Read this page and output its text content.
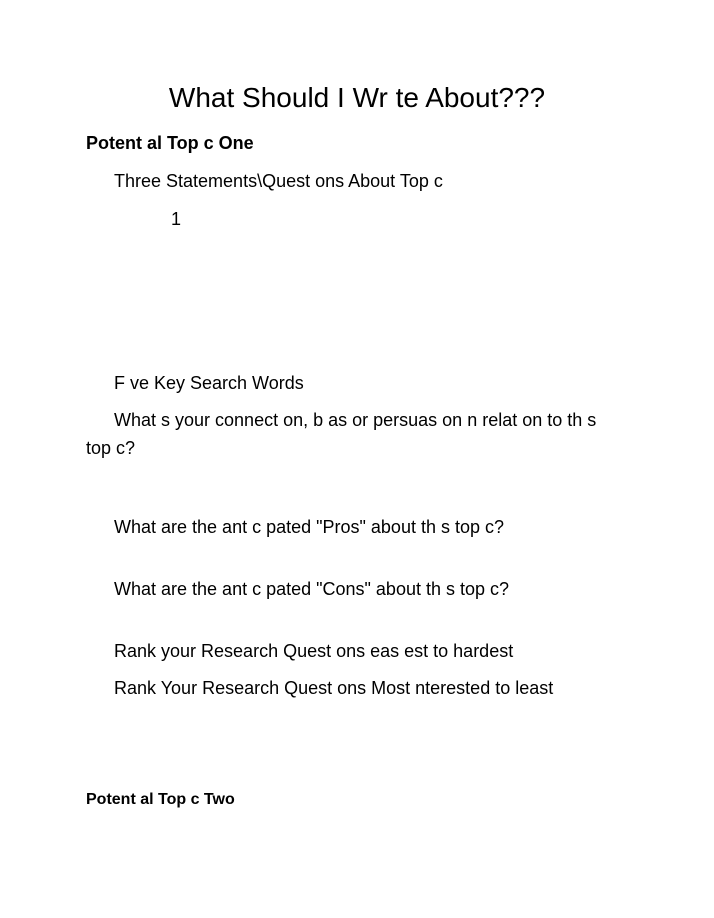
What Should I Wr te About???
Potent al Top c One
Three Statements\Quest ons About Top c
1
F ve Key Search Words
What s your connect on, b as or persuas on n relat on to th s top c?
What are the ant c pated "Pros" about th s top c?
What are the ant c pated "Cons" about th s top c?
Rank your Research Quest ons eas est to hardest
Rank Your Research Quest ons Most nterested to least
Potent al Top c Two
